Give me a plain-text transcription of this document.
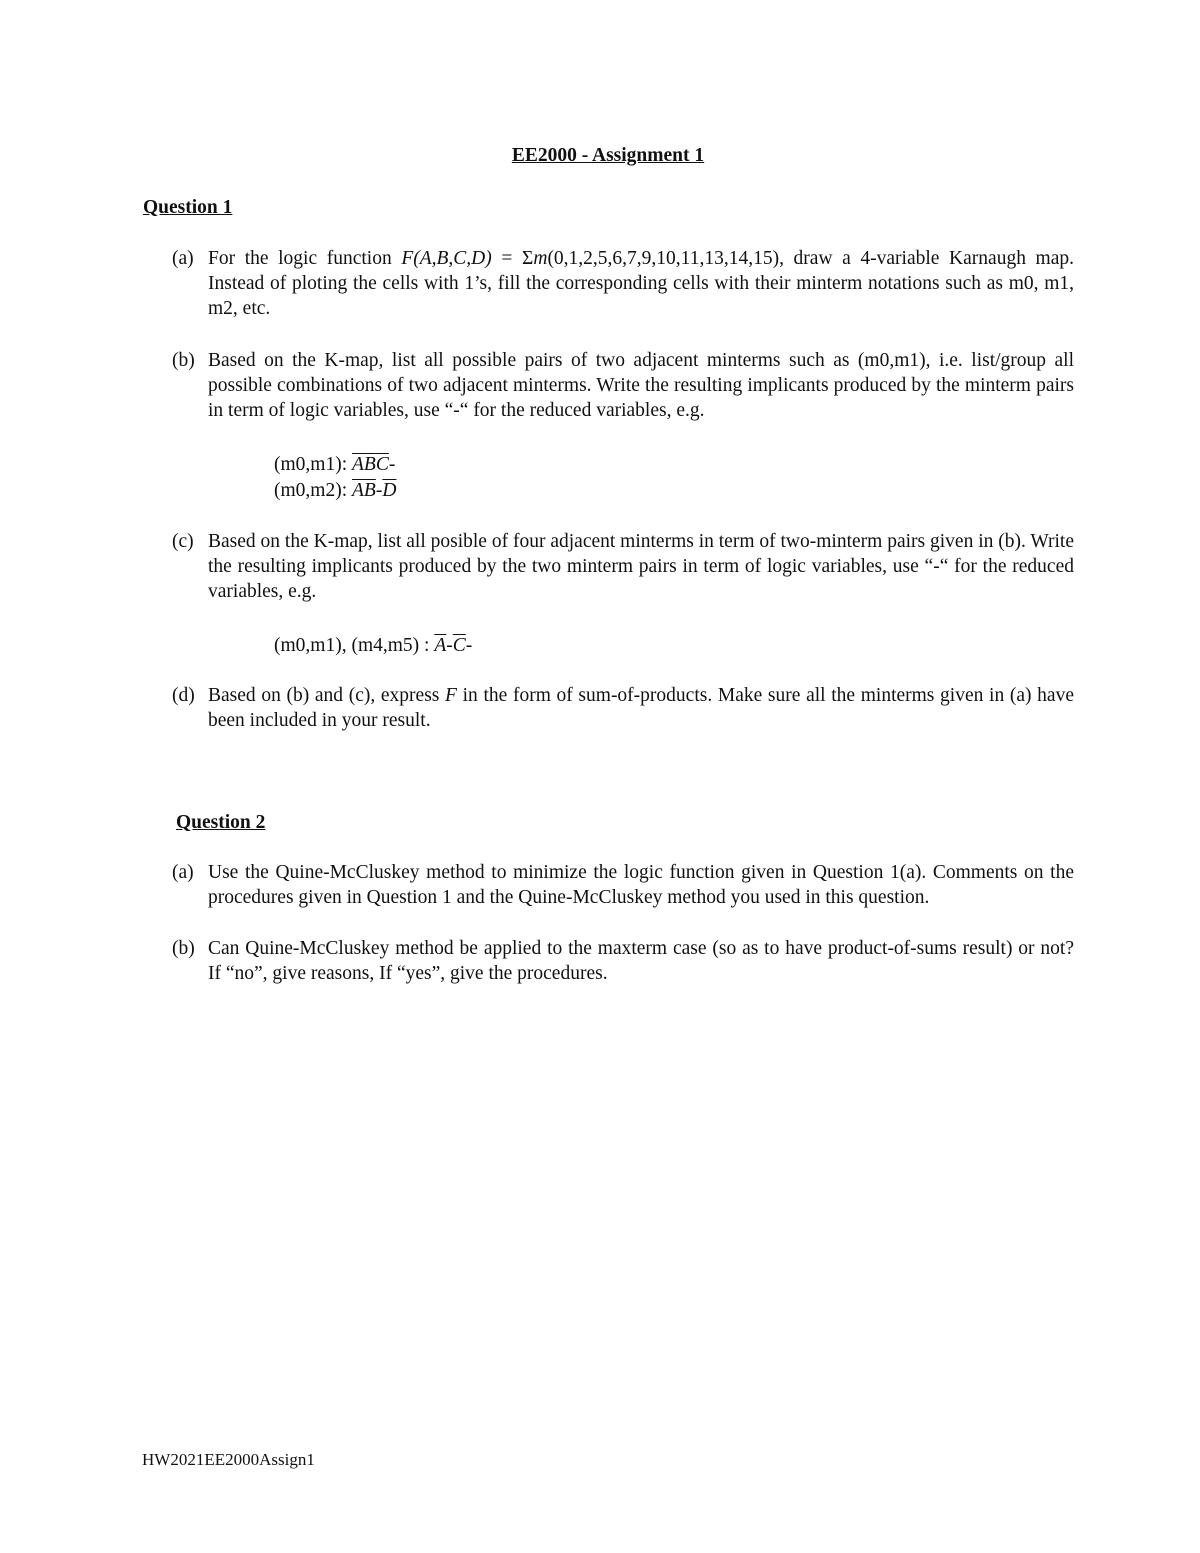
EE2000 - Assignment 1
Question 1
(a) For the logic function F(A,B,C,D) = Σm(0,1,2,5,6,7,9,10,11,13,14,15), draw a 4-variable Karnaugh map. Instead of ploting the cells with 1’s, fill the corresponding cells with their minterm notations such as m0, m1, m2, etc.
(b) Based on the K-map, list all possible pairs of two adjacent minterms such as (m0,m1), i.e. list/group all possible combinations of two adjacent minterms. Write the resulting implicants produced by the minterm pairs in term of logic variables, use “-“ for the reduced variables, e.g.
(m0,m1): $\overline{A}\overline{B}\overline{C}-$
(m0,m2): $\overline{A}\overline{B}-\overline{D}$
(c) Based on the K-map, list all posible of four adjacent minterms in term of two-minterm pairs given in (b). Write the resulting implicants produced by the two minterm pairs in term of logic variables, use “-“ for the reduced variables, e.g.
(m0,m1), (m4,m5) : $\overline{A}-\overline{C}-$
(d) Based on (b) and (c), express F in the form of sum-of-products. Make sure all the minterms given in (a) have been included in your result.
Question 2
(a) Use the Quine-McCluskey method to minimize the logic function given in Question 1(a). Comments on the procedures given in Question 1 and the Quine-McCluskey method you used in this question.
(b) Can Quine-McCluskey method be applied to the maxterm case (so as to have product-of-sums result) or not? If “no”, give reasons, If “yes”, give the procedures.
HW2021EE2000Assign1
